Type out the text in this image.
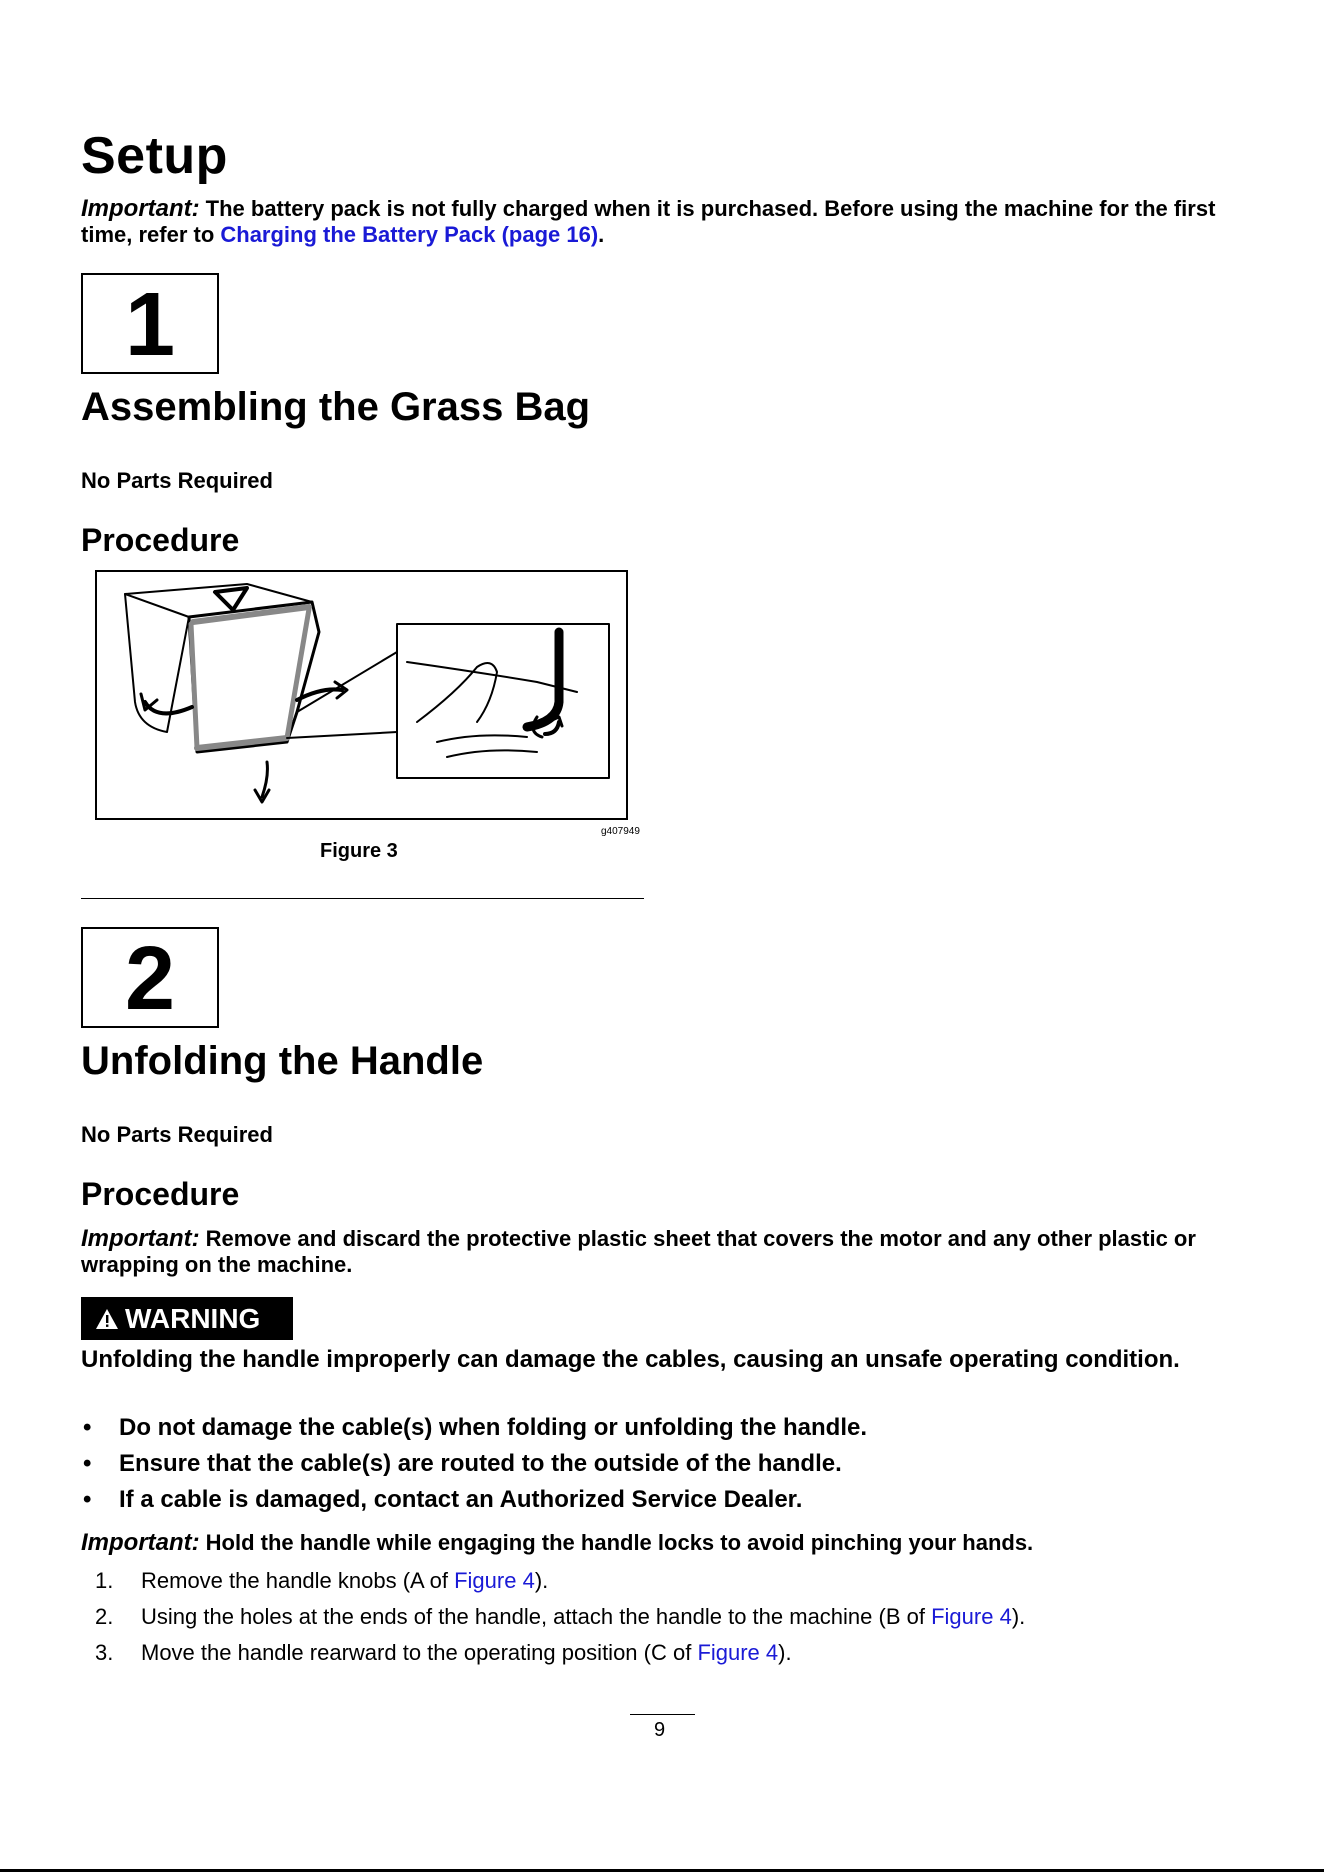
Setup
Important: The battery pack is not fully charged when it is purchased. Before using the machine for the first time, refer to Charging the Battery Pack (page 16).
1
Assembling the Grass Bag
No Parts Required
Procedure
g407949
Figure 3
2
Unfolding the Handle
No Parts Required
Procedure
Important: Remove and discard the protective plastic sheet that covers the motor and any other plastic or wrapping on the machine.
WARNING
Unfolding the handle improperly can damage the cables, causing an unsafe operating condition.
• Do not damage the cable(s) when folding or unfolding the handle.
• Ensure that the cable(s) are routed to the outside of the handle.
• If a cable is damaged, contact an Authorized Service Dealer.
Important: Hold the handle while engaging the handle locks to avoid pinching your hands.
1. Remove the handle knobs (A of Figure 4).
2. Using the holes at the ends of the handle, attach the handle to the machine (B of Figure 4).
3. Move the handle rearward to the operating position (C of Figure 4).
9
